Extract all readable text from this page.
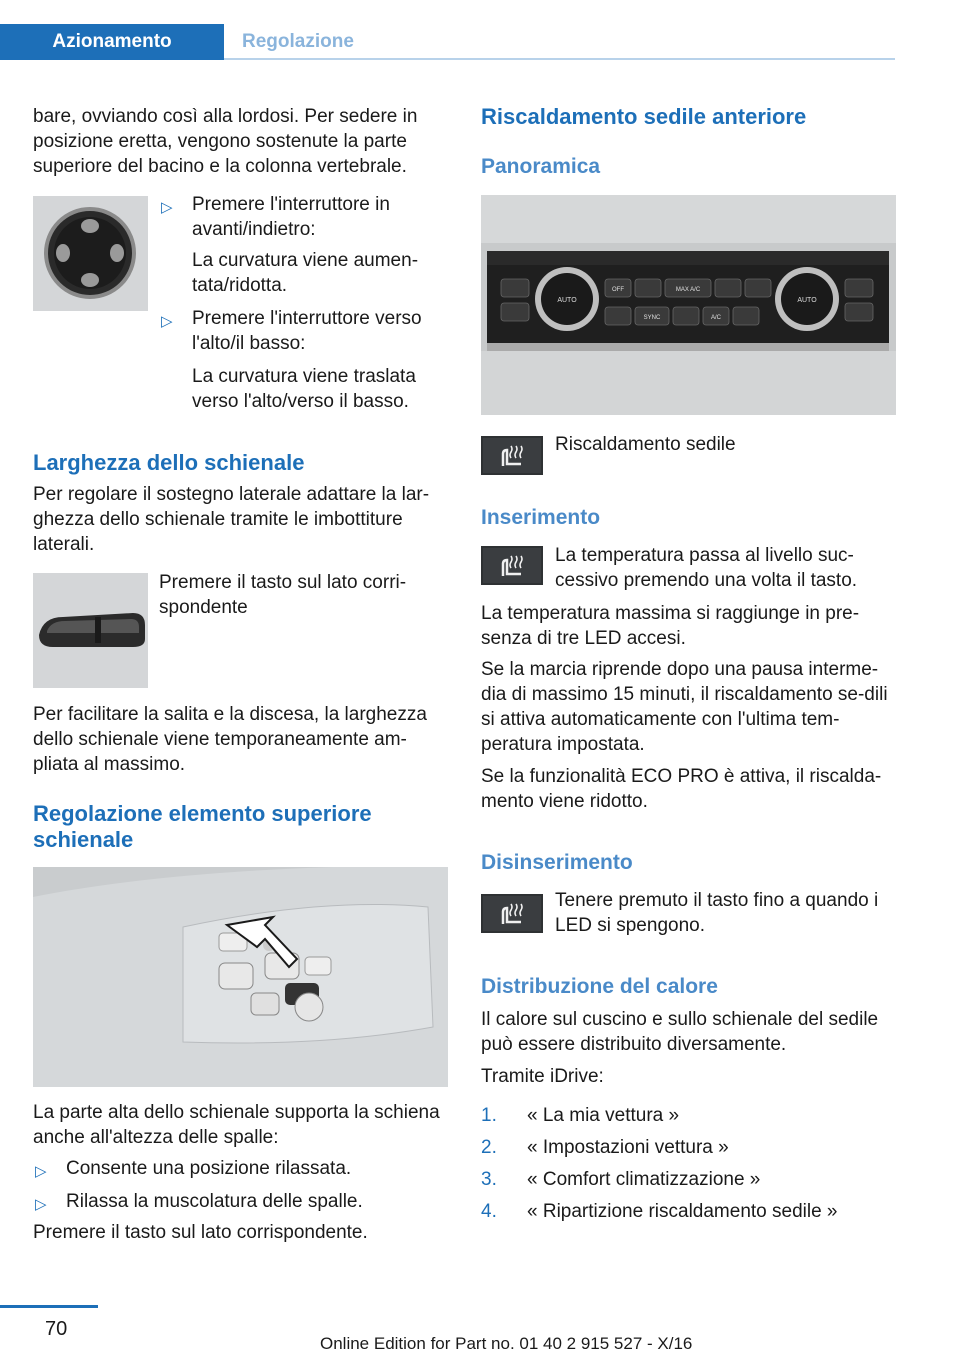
Azionamento	Regolazione
bare, ovviando così alla lordosi. Per sedere in posizione eretta, vengono sostenute la parte superiore del bacino e la colonna vertebrale.
▷ Premere l'interruttore in avanti/indietro:
La curvatura viene aumen‐tata/ridotta.
▷ Premere l'interruttore verso l'alto/il basso:
La curvatura viene traslata verso l'alto/verso il basso.
Larghezza dello schienale
Per regolare il sostegno laterale adattare la lar‐ghezza dello schienale tramite le imbottiture laterali.
Premere il tasto sul lato corri‐spondente
Per facilitare la salita e la discesa, la larghezza dello schienale viene temporaneamente am‐pliata al massimo.
Regolazione elemento superiore schienale
La parte alta dello schienale supporta la schiena anche all'altezza delle spalle:
▷ Consente una posizione rilassata.
▷ Rilassa la muscolatura delle spalle.
Premere il tasto sul lato corrispondente.
Riscaldamento sedile anteriore
Panoramica
AUTO	AUTO
OFF	MAX A/C
SYNC	A/C
Riscaldamento sedile
Inserimento
La temperatura passa al livello suc‐cessivo premendo una volta il tasto.
La temperatura massima si raggiunge in pre‐senza di tre LED accesi.
Se la marcia riprende dopo una pausa interme‐dia di massimo 15 minuti, il riscaldamento se‐dili si attiva automaticamente con l'ultima tem‐peratura impostata.
Se la funzionalità ECO PRO è attiva, il riscalda‐mento viene ridotto.
Disinserimento
Tenere premuto il tasto fino a quando i LED si spengono.
Distribuzione del calore
Il calore sul cuscino e sullo schienale del sedile può essere distribuito diversamente.
Tramite iDrive:
1. « La mia vettura »
2. « Impostazioni vettura »
3. « Comfort climatizzazione »
4. « Ripartizione riscaldamento sedile »
70
Online Edition for Part no. 01 40 2 915 527 - X/16
